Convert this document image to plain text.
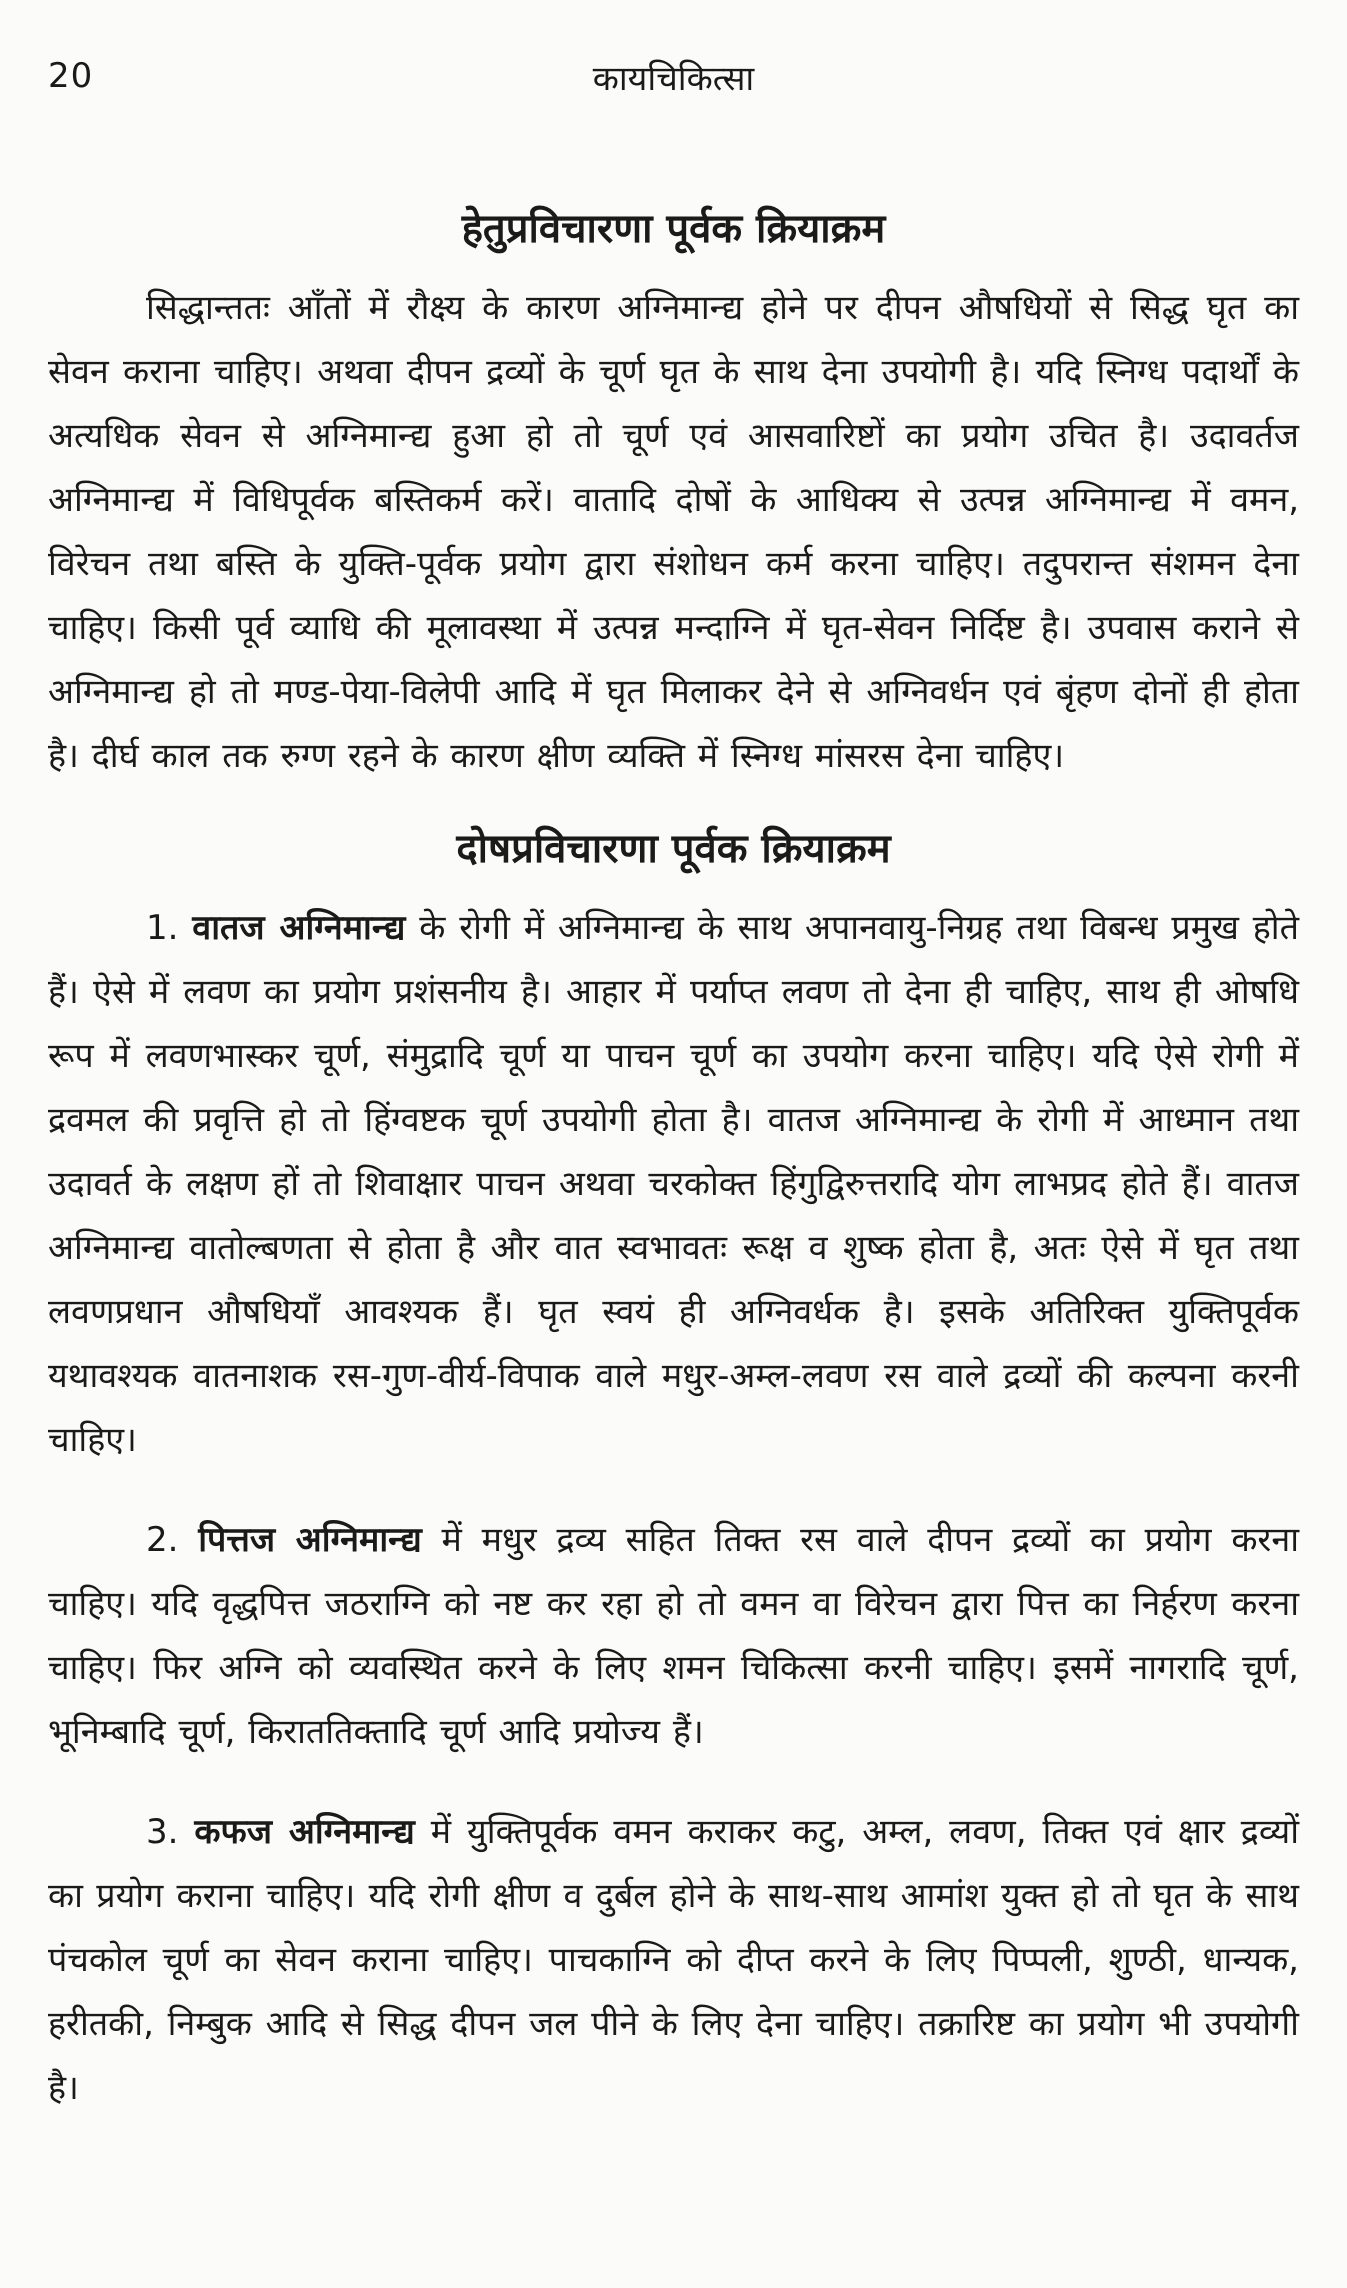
20	कायचिकित्सा
हेतुप्रविचारणा पूर्वक क्रियाक्रम

सिद्धान्ततः आँतों में रौक्ष्य के कारण अग्निमान्द्य होने पर दीपन औषधियों से सिद्ध घृत का सेवन कराना चाहिए। अथवा दीपन द्रव्यों के चूर्ण घृत के साथ देना उपयोगी है। यदि स्निग्ध पदार्थों के अत्यधिक सेवन से अग्निमान्द्य हुआ हो तो चूर्ण एवं आसवारिष्टों का प्रयोग उचित है। उदावर्तज अग्निमान्द्य में विधिपूर्वक बस्तिकर्म करें। वातादि दोषों के आधिक्य से उत्पन्न अग्निमान्द्य में वमन, विरेचन तथा बस्ति के युक्ति-पूर्वक प्रयोग द्वारा संशोधन कर्म करना चाहिए। तदुपरान्त संशमन देना चाहिए। किसी पूर्व व्याधि की मूलावस्था में उत्पन्न मन्दाग्नि में घृत-सेवन निर्दिष्ट है। उपवास कराने से अग्निमान्द्य हो तो मण्ड-पेया-विलेपी आदि में घृत मिलाकर देने से अग्निवर्धन एवं बृंहण दोनों ही होता है। दीर्घ काल तक रुग्ण रहने के कारण क्षीण व्यक्ति में स्निग्ध मांसरस देना चाहिए।

दोषप्रविचारणा पूर्वक क्रियाक्रम

1. वातज अग्निमान्द्य के रोगी में अग्निमान्द्य के साथ अपानवायु-निग्रह तथा विबन्ध प्रमुख होते हैं। ऐसे में लवण का प्रयोग प्रशंसनीय है। आहार में पर्याप्त लवण तो देना ही चाहिए, साथ ही ओषधि रूप में लवणभास्कर चूर्ण, संमुद्रादि चूर्ण या पाचन चूर्ण का उपयोग करना चाहिए। यदि ऐसे रोगी में द्रवमल की प्रवृत्ति हो तो हिंग्वष्टक चूर्ण उपयोगी होता है। वातज अग्निमान्द्य के रोगी में आध्मान तथा उदावर्त के लक्षण हों तो शिवाक्षार पाचन अथवा चरकोक्त हिंगुद्विरुत्तरादि योग लाभप्रद होते हैं। वातज अग्निमान्द्य वातोल्बणता से होता है और वात स्वभावतः रूक्ष व शुष्क होता है, अतः ऐसे में घृत तथा लवणप्रधान औषधियाँ आवश्यक हैं। घृत स्वयं ही अग्निवर्धक है। इसके अतिरिक्त युक्तिपूर्वक यथावश्यक वातनाशक रस-गुण-वीर्य-विपाक वाले मधुर-अम्ल-लवण रस वाले द्रव्यों की कल्पना करनी चाहिए।

2. पित्तज अग्निमान्द्य में मधुर द्रव्य सहित तिक्त रस वाले दीपन द्रव्यों का प्रयोग करना चाहिए। यदि वृद्धपित्त जठराग्नि को नष्ट कर रहा हो तो वमन वा विरेचन द्वारा पित्त का निर्हरण करना चाहिए। फिर अग्नि को व्यवस्थित करने के लिए शमन चिकित्सा करनी चाहिए। इसमें नागरादि चूर्ण, भूनिम्बादि चूर्ण, किराततिक्तादि चूर्ण आदि प्रयोज्य हैं।

3. कफज अग्निमान्द्य में युक्तिपूर्वक वमन कराकर कटु, अम्ल, लवण, तिक्त एवं क्षार द्रव्यों का प्रयोग कराना चाहिए। यदि रोगी क्षीण व दुर्बल होने के साथ-साथ आमांश युक्त हो तो घृत के साथ पंचकोल चूर्ण का सेवन कराना चाहिए। पाचकाग्नि को दीप्त करने के लिए पिप्पली, शुण्ठी, धान्यक, हरीतकी, निम्बुक आदि से सिद्ध दीपन जल पीने के लिए देना चाहिए। तक्रारिष्ट का प्रयोग भी उपयोगी है।
